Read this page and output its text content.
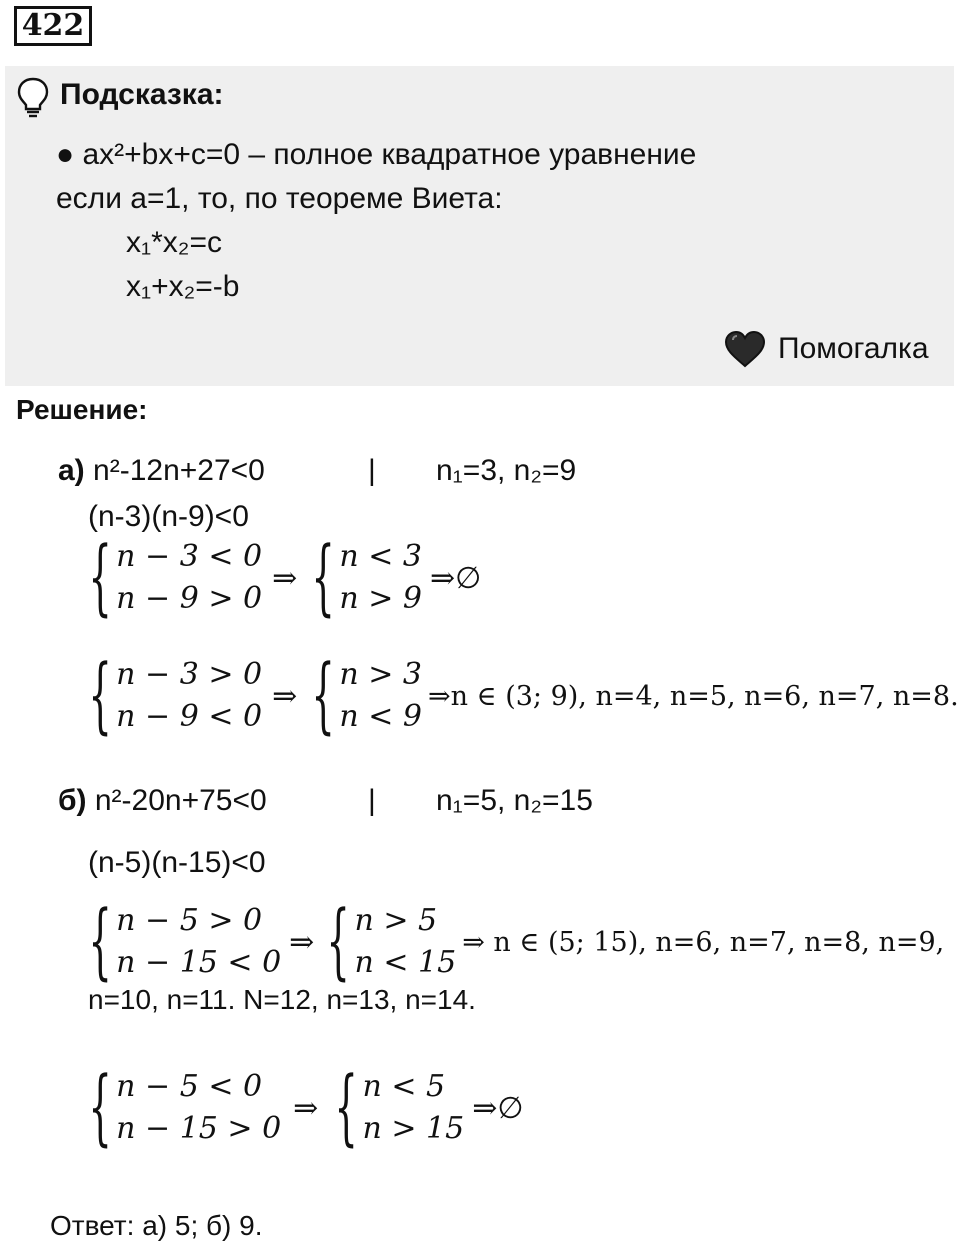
422
Подсказка:
● ax²+bx+c=0 – полное квадратное уравнение
если a=1, то, по теореме Виета:
x₁*x₂=c
x₁+x₂=-b
Помогалка
Решение:
а) n²-12n+27<0	| n₁=3, n₂=9
(n-3)(n-9)<0
{ n − 3 < 0
n − 9 > 0
⇒ { n < 3
n > 9
⇒∅
{ n − 3 > 0
n − 9 < 0
⇒ { n > 3
n < 9
⇒n ∈ (3; 9), n=4, n=5, n=6, n=7, n=8.
б) n²-20n+75<0	| n₁=5, n₂=15
(n-5)(n-15)<0
{ n − 5 > 0
n − 15 < 0
⇒ { n > 5
n < 15
⇒ n ∈ (5; 15), n=6, n=7, n=8, n=9,
n=10, n=11. N=12, n=13, n=14.
{ n − 5 < 0
n − 15 > 0
⇒ { n < 5
n > 15
⇒∅
Ответ: а) 5; б) 9.
